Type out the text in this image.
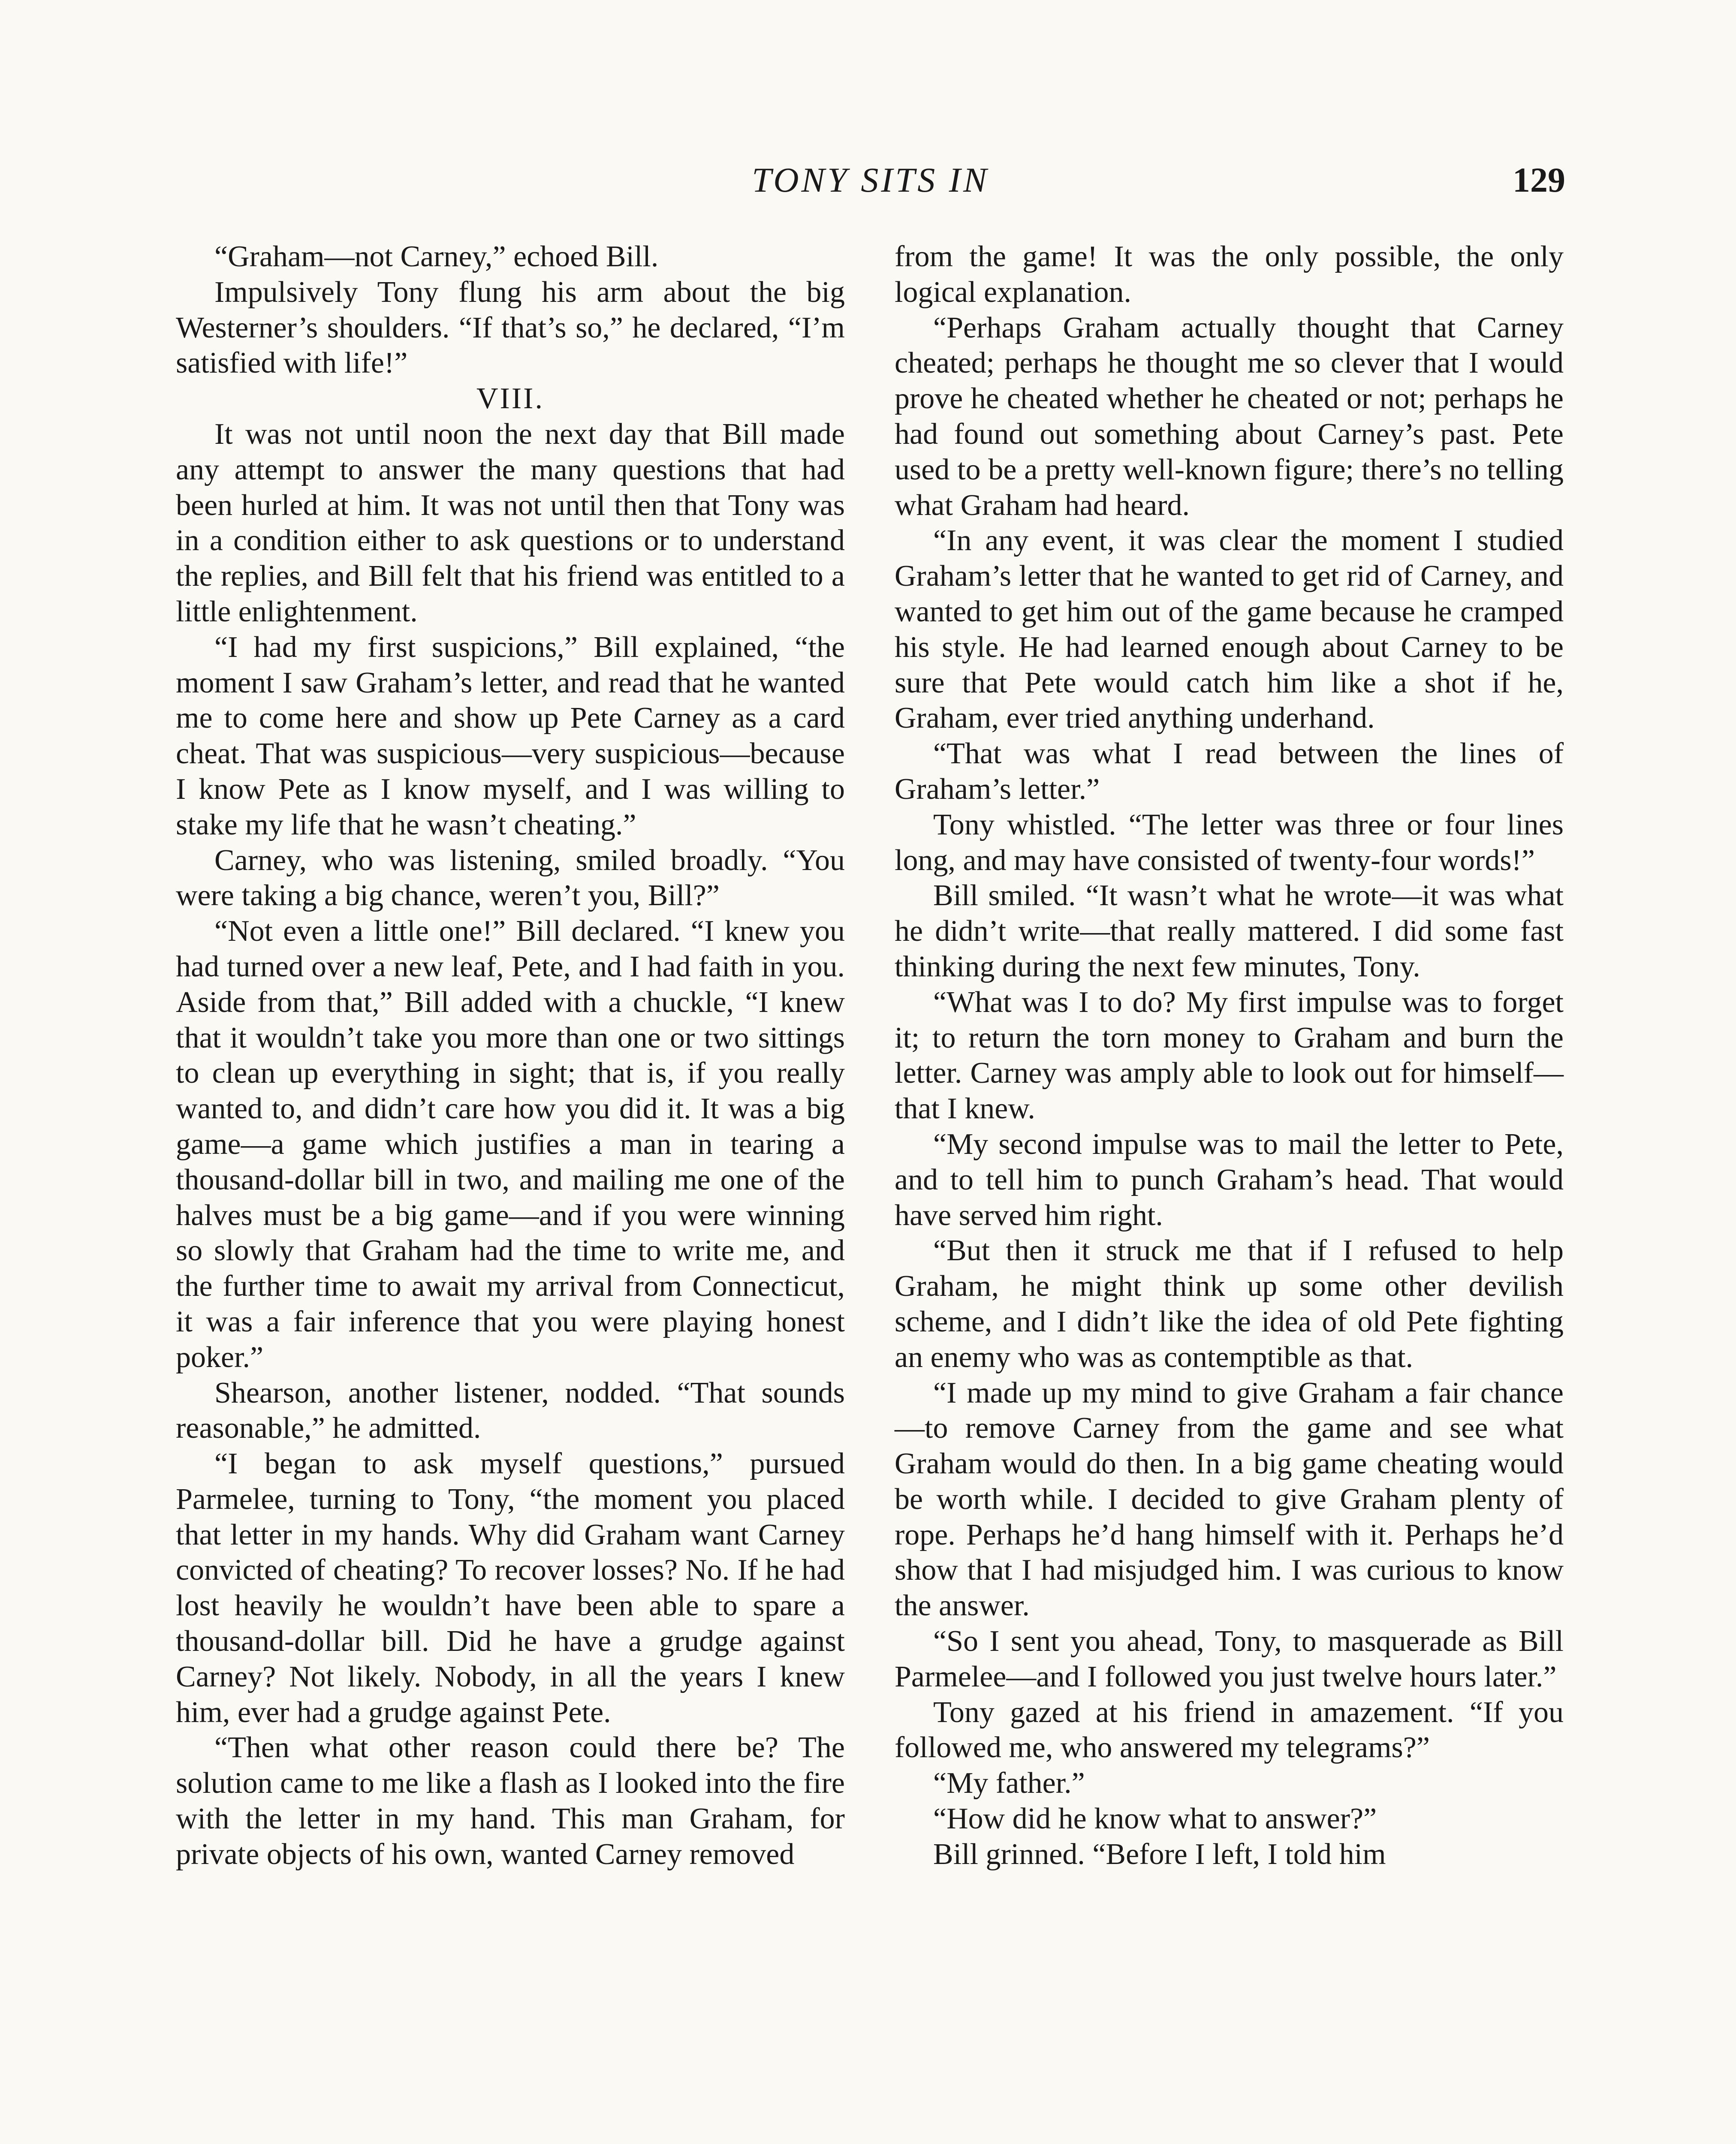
TONY SITS IN	129

“Graham—not Carney,” echoed Bill.

Impulsively Tony flung his arm about the big Westerner’s shoulders. “If that’s so,” he declared, “I’m satisfied with life!”

VIII.

It was not until noon the next day that Bill made any attempt to answer the many questions that had been hurled at him. It was not until then that Tony was in a condition either to ask questions or to understand the replies, and Bill felt that his friend was entitled to a little enlightenment.

“I had my first suspicions,” Bill explained, “the moment I saw Graham’s letter, and read that he wanted me to come here and show up Pete Carney as a card cheat. That was suspicious—very suspicious—because I know Pete as I know myself, and I was willing to stake my life that he wasn’t cheating.”

Carney, who was listening, smiled broadly. “You were taking a big chance, weren’t you, Bill?”

“Not even a little one!” Bill declared. “I knew you had turned over a new leaf, Pete, and I had faith in you. Aside from that,” Bill added with a chuckle, “I knew that it wouldn’t take you more than one or two sittings to clean up everything in sight; that is, if you really wanted to, and didn’t care how you did it. It was a big game—a game which justifies a man in tearing a thousand-dollar bill in two, and mailing me one of the halves must be a big game—and if you were winning so slowly that Graham had the time to write me, and the further time to await my arrival from Connecticut, it was a fair inference that you were playing honest poker.”

Shearson, another listener, nodded. “That sounds reasonable,” he admitted.

“I began to ask myself questions,” pursued Parmelee, turning to Tony, “the moment you placed that letter in my hands. Why did Graham want Carney convicted of cheating? To recover losses? No. If he had lost heavily he wouldn’t have been able to spare a thousand-dollar bill. Did he have a grudge against Carney? Not likely. Nobody, in all the years I knew him, ever had a grudge against Pete.

“Then what other reason could there be? The solution came to me like a flash as I looked into the fire with the letter in my hand. This man Graham, for private objects of his own, wanted Carney removed

from the game! It was the only possible, the only logical explanation.

“Perhaps Graham actually thought that Carney cheated; perhaps he thought me so clever that I would prove he cheated whether he cheated or not; perhaps he had found out something about Carney’s past. Pete used to be a pretty well-known figure; there’s no telling what Graham had heard.

“In any event, it was clear the moment I studied Graham’s letter that he wanted to get rid of Carney, and wanted to get him out of the game because he cramped his style. He had learned enough about Carney to be sure that Pete would catch him like a shot if he, Graham, ever tried anything underhand.

“That was what I read between the lines of Graham’s letter.”

Tony whistled. “The letter was three or four lines long, and may have consisted of twenty-four words!”

Bill smiled. “It wasn’t what he wrote—it was what he didn’t write—that really mattered. I did some fast thinking during the next few minutes, Tony.

“What was I to do? My first impulse was to forget it; to return the torn money to Graham and burn the letter. Carney was amply able to look out for himself—that I knew.

“My second impulse was to mail the letter to Pete, and to tell him to punch Graham’s head. That would have served him right.

“But then it struck me that if I refused to help Graham, he might think up some other devilish scheme, and I didn’t like the idea of old Pete fighting an enemy who was as contemptible as that.

“I made up my mind to give Graham a fair chance—to remove Carney from the game and see what Graham would do then. In a big game cheating would be worth while. I decided to give Graham plenty of rope. Perhaps he’d hang himself with it. Perhaps he’d show that I had misjudged him. I was curious to know the answer.

“So I sent you ahead, Tony, to masquerade as Bill Parmelee—and I followed you just twelve hours later.”

Tony gazed at his friend in amazement. “If you followed me, who answered my telegrams?”

“My father.”

“How did he know what to answer?”

Bill grinned. “Before I left, I told him
